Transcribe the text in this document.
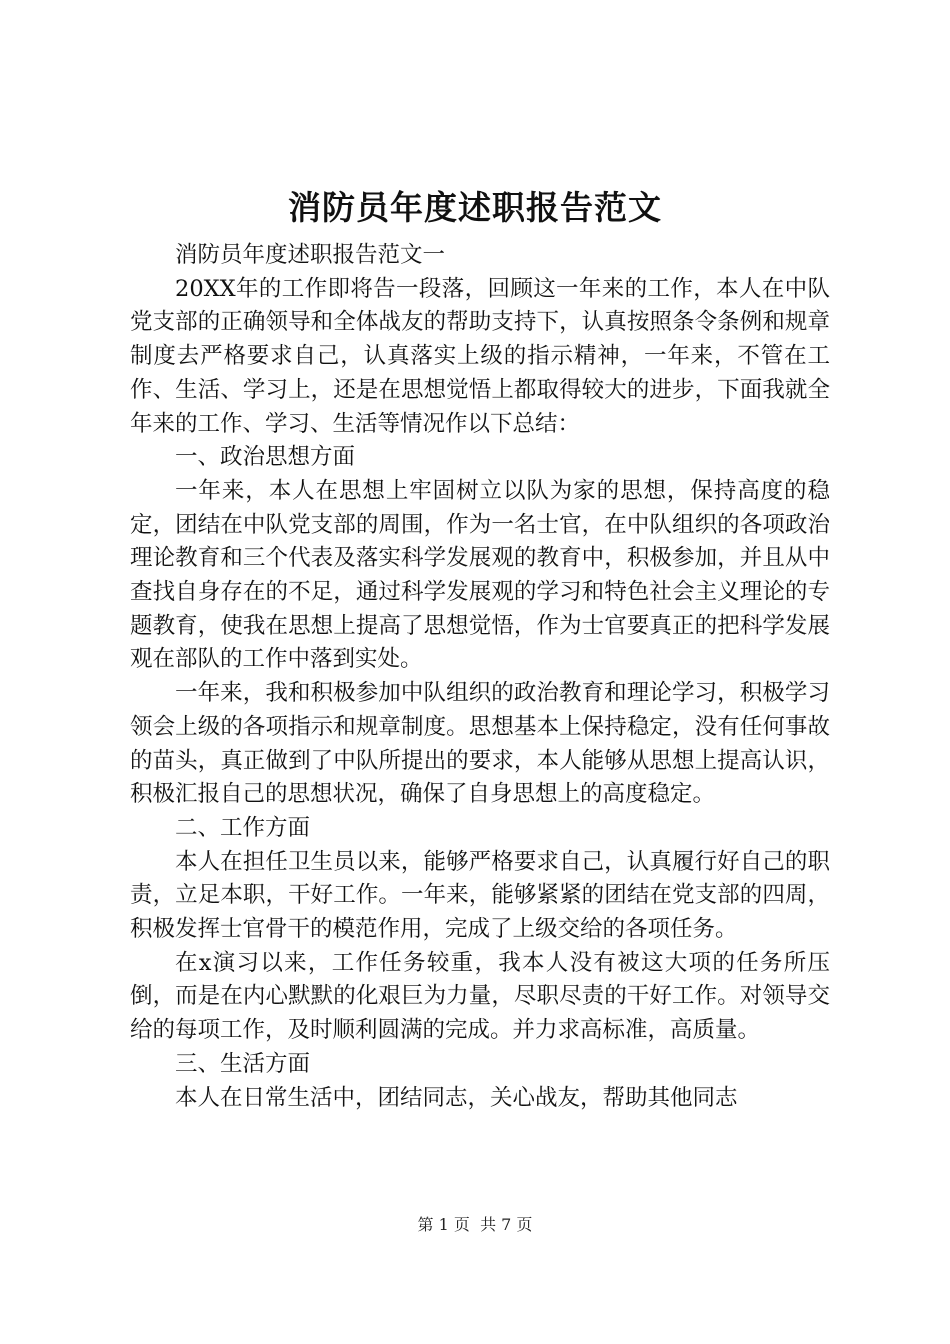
消防员年度述职报告范文

消防员年度述职报告范文一

20XX年的工作即将告一段落，回顾这一年来的工作，本人在中队党支部的正确领导和全体战友的帮助支持下，认真按照条令条例和规章制度去严格要求自己，认真落实上级的指示精神，一年来，不管在工作、生活、学习上，还是在思想觉悟上都取得较大的进步，下面我就全年来的工作、学习、生活等情况作以下总结：

一、政治思想方面

一年来，本人在思想上牢固树立以队为家的思想，保持高度的稳定，团结在中队党支部的周围，作为一名士官，在中队组织的各项政治理论教育和三个代表及落实科学发展观的教育中，积极参加，并且从中查找自身存在的不足，通过科学发展观的学习和特色社会主义理论的专题教育，使我在思想上提高了思想觉悟，作为士官要真正的把科学发展观在部队的工作中落到实处。

一年来，我和积极参加中队组织的政治教育和理论学习，积极学习领会上级的各项指示和规章制度。思想基本上保持稳定，没有任何事故的苗头，真正做到了中队所提出的要求，本人能够从思想上提高认识，积极汇报自己的思想状况，确保了自身思想上的高度稳定。

二、工作方面

本人在担任卫生员以来，能够严格要求自己，认真履行好自己的职责，立足本职，干好工作。一年来，能够紧紧的团结在党支部的四周，积极发挥士官骨干的模范作用，完成了上级交给的各项任务。

在x演习以来，工作任务较重，我本人没有被这大项的任务所压倒，而是在内心默默的化艰巨为力量，尽职尽责的干好工作。对领导交给的每项工作，及时顺利圆满的完成。并力求高标准，高质量。

三、生活方面

本人在日常生活中，团结同志，关心战友，帮助其他同志

第 1 页  共 7 页
